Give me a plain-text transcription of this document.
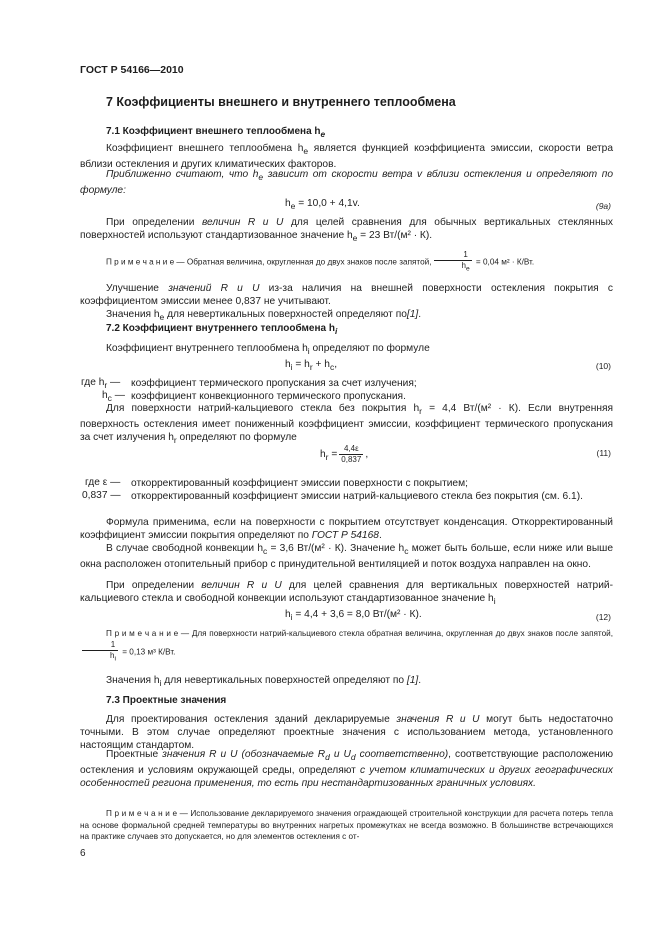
ГОСТ Р 54166—2010
7 Коэффициенты внешнего и внутреннего теплообмена
7.1 Коэффициент внешнего теплообмена $h_e$
Коэффициент внешнего теплообмена $h_e$ является функцией коэффициента эмиссии, скорости ветра вблизи остекления и других климатических факторов.
Приближенно считают, что $h_e$ зависит от скорости ветра v вблизи остекления и определяют по формуле:
$h_e = 10,0 + 4,1v$.	(9a)
При определении величин R и U для целей сравнения для обычных вертикальных стеклянных поверхностей используют стандартизованное значение $h_e = 23$ Вт/(м² · К).
П р и м е ч а н и е — Обратная величина, округленная до двух знаков после запятой, $\frac{1}{h_e} = 0,04$ м² · К/Вт.
Улучшение значений R и U из-за наличия на внешней поверхности остекления покрытия с коэффициентом эмиссии менее 0,837 не учитывают.
Значения $h_e$ для невертикальных поверхностей определяют по[1].
7.2 Коэффициент внутреннего теплообмена $h_i$
Коэффициент внутреннего теплообмена $h_i$ определяют по формуле
$h_i = h_r + h_c$,	(10)
где $h_r$ — коэффициент термического пропускания за счет излучения;
$h_c$ — коэффициент конвекционного термического пропускания.
Для поверхности натрий-кальциевого стекла без покрытия $h_r = 4,4$ Вт/(м² · К). Если внутренняя поверхность остекления имеет пониженный коэффициент эмиссии, коэффициент термического пропускания за счет излучения $h_r$ определяют по формуле
$h_r = \frac{4,4\varepsilon}{0,837}$ ,	(11)
где ε — откорректированный коэффициент эмиссии поверхности с покрытием;
0,837 — откорректированный коэффициент эмиссии натрий-кальциевого стекла без покрытия (см. 6.1).
Формула применима, если на поверхности с покрытием отсутствует конденсация. Откорректированный коэффициент эмиссии покрытия определяют по ГОСТ Р 54168.
В случае свободной конвекции $h_c = 3,6$ Вт/(м² · К). Значение $h_c$ может быть больше, если ниже или выше окна расположен отопительный прибор с принудительной вентиляцией и поток воздуха направлен на окно.
При определении величин R и U для целей сравнения для вертикальных поверхностей натрий-кальциевого стекла и свободной конвекции используют стандартизованное значение $h_i$
$h_i = 4,4 + 3,6 = 8,0$ Вт/(м² · К).	(12)
П р и м е ч а н и е — Для поверхности натрий-кальциевого стекла обратная величина, округленная до двух знаков после запятой,
$\frac{1}{h_i} = 0,13$ м³ К/Вт.
Значения $h_i$ для невертикальных поверхностей определяют по [1].
7.3 Проектные значения
Для проектирования остекления зданий декларируемые значения R и U могут быть недостаточно точными. В этом случае определяют проектные значения с использованием метода, установленного настоящим стандартом.
Проектные значения R и U (обозначаемые $R_d$ и $U_d$ соответственно), соответствующие расположению остекления и условиям окружающей среды, определяют с учетом климатических и других географических особенностей региона применения, то есть при нестандартизованных граничных условиях.
П р и м е ч а н и е — Использование декларируемого значения ограждающей строительной конструкции для расчета потерь тепла на основе формальной средней температуры во внутренних нагретых промежутках не всегда возможно. В большинстве встречающихся на практике случаев это допускается, но для элементов остекления с от-
6
